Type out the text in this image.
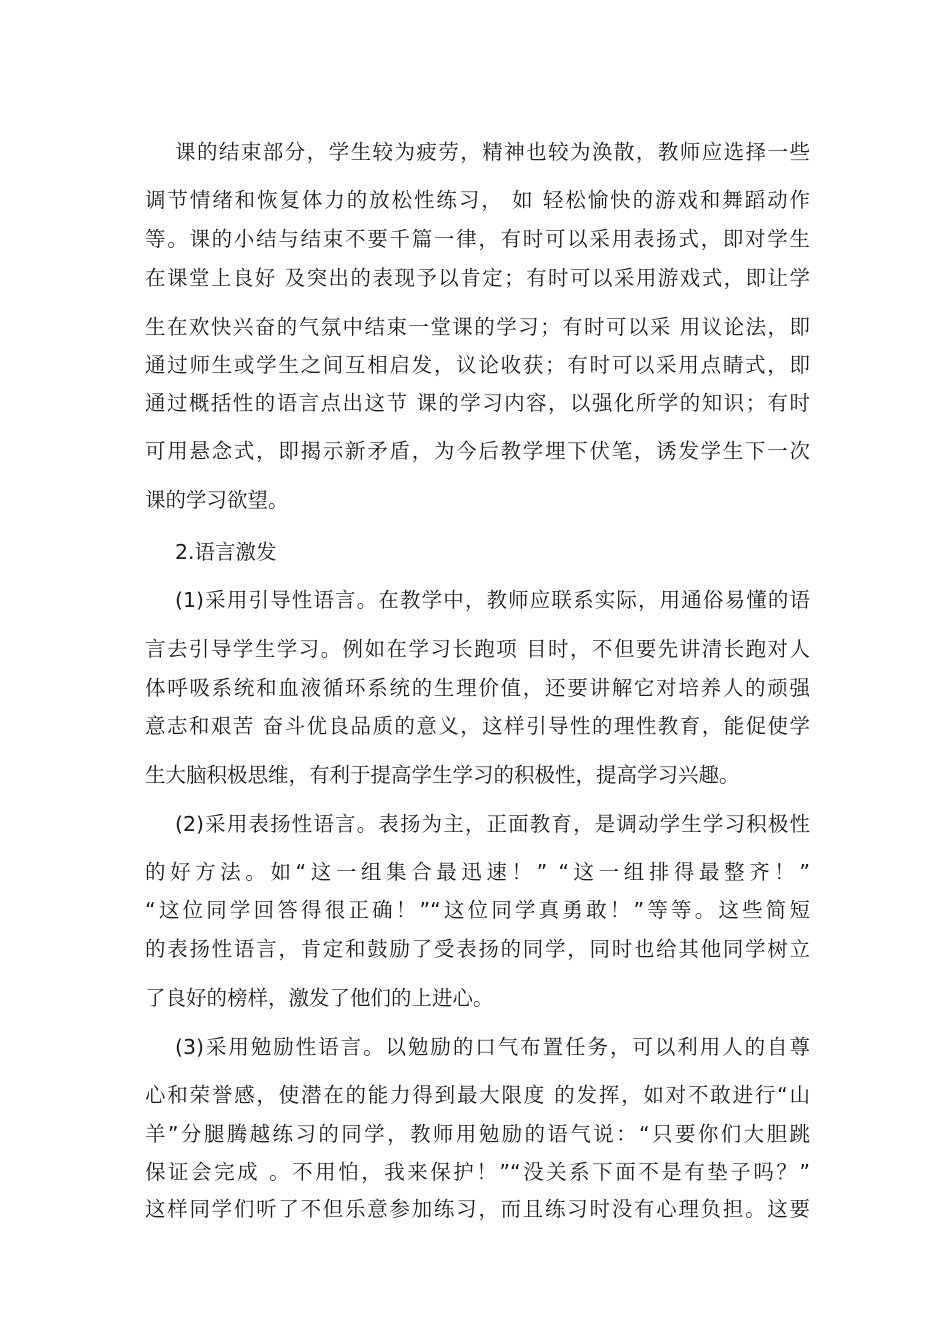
课的结束部分，学生较为疲劳，精神也较为涣散，教师应选择一些
调节情绪和恢复体力的放松性练习， 如 轻松愉快的游戏和舞蹈动作
等。课的小结与结束不要千篇一律，有时可以采用表扬式，即对学生
在课堂上良好 及突出的表现予以肯定；有时可以采用游戏式，即让学
生在欢快兴奋的气氛中结束一堂课的学习；有时可以采 用议论法，即
通过师生或学生之间互相启发，议论收获；有时可以采用点睛式，即
通过概括性的语言点出这节 课的学习内容，以强化所学的知识；有时
可用悬念式，即揭示新矛盾，为今后教学埋下伏笔，诱发学生下一次
课的学习欲望。
2.语言激发
(1)采用引导性语言。在教学中，教师应联系实际，用通俗易懂的语
言去引导学生学习。例如在学习长跑项 目时，不但要先讲清长跑对人
体呼吸系统和血液循环系统的生理价值，还要讲解它对培养人的顽强
意志和艰苦 奋斗优良品质的意义，这样引导性的理性教育，能促使学
生大脑积极思维，有利于提高学生学习的积极性，提高学习兴趣。
(2)采用表扬性语言。表扬为主，正面教育，是调动学生学习积极性
的好方法。如“这一组集合最迅速！” “这一组排得最整齐！”
“这位同学回答得很正确！”“这位同学真勇敢！”等等。这些简短
的表扬性语言，肯定和鼓励了受表扬的同学，同时也给其他同学树立
了良好的榜样，激发了他们的上进心。
(3)采用勉励性语言。以勉励的口气布置任务，可以利用人的自尊
心和荣誉感，使潜在的能力得到最大限度 的发挥，如对不敢进行“山
羊”分腿腾越练习的同学，教师用勉励的语气说：“只要你们大胆跳
保证会完成 。不用怕，我来保护！”“没关系下面不是有垫子吗？”
这样同学们听了不但乐意参加练习，而且练习时没有心理负担。这要
